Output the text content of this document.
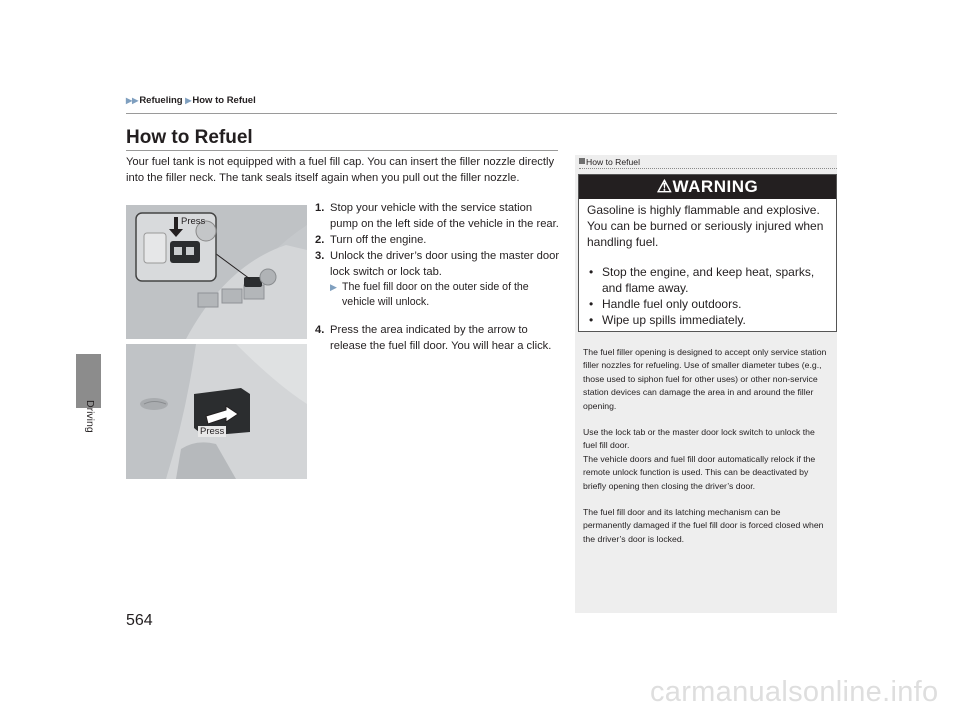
▶▶Refueling ▶How to Refuel
Driving
564
How to Refuel
Your fuel tank is not equipped with a fuel fill cap. You can insert the filler nozzle directly into the filler neck. The tank seals itself again when you pull out the filler nozzle.
Press
Press
1. Stop your vehicle with the service station pump on the left side of the vehicle in the rear.
2. Turn off the engine.
3. Unlock the driver’s door using the master door lock switch or lock tab.
▶ The fuel fill door on the outer side of the vehicle will unlock.
4. Press the area indicated by the arrow to release the fuel fill door. You will hear a click.
How to Refuel
⚠WARNING
Gasoline is highly flammable and explosive. You can be burned or seriously injured when handling fuel.
• Stop the engine, and keep heat, sparks, and flame away.
• Handle fuel only outdoors.
• Wipe up spills immediately.

The fuel filler opening is designed to accept only service station filler nozzles for refueling. Use of smaller diameter tubes (e.g., those used to siphon fuel for other uses) or other non-service station devices can damage the area in and around the filler opening.

Use the lock tab or the master door lock switch to unlock the fuel fill door.
The vehicle doors and fuel fill door automatically relock if the remote unlock function is used. This can be deactivated by briefly opening then closing the driver’s door.

The fuel fill door and its latching mechanism can be permanently damaged if the fuel fill door is forced closed when the driver’s door is locked.

carmanualsonline.info
